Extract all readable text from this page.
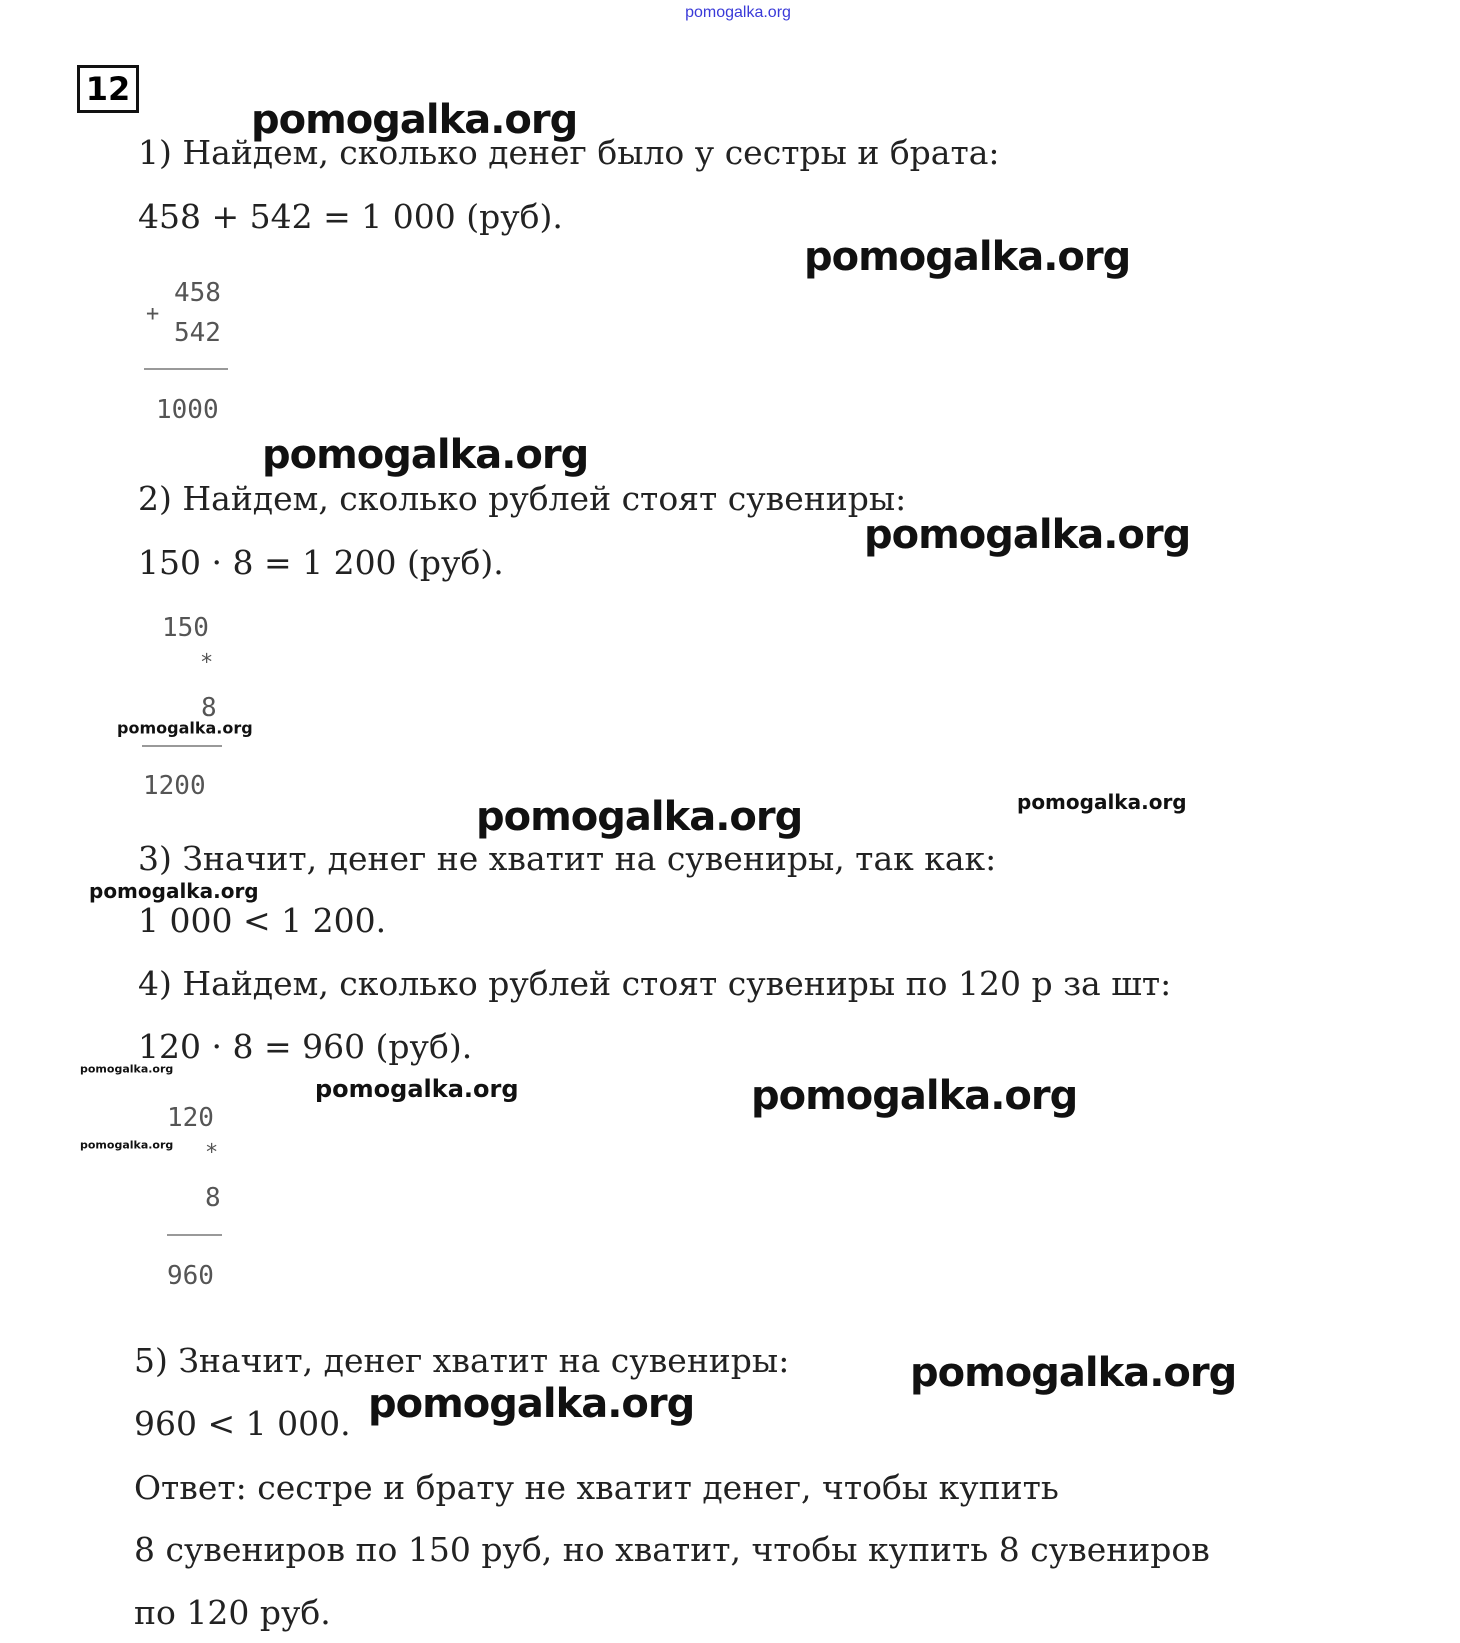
pomogalka.org
12
1) Найдем, сколько денег было у сестры и брата:
458 + 542 = 1 000 (руб).
2) Найдем, сколько рублей стоят сувениры:
150 · 8 = 1 200 (руб).
3) Значит, денег не хватит на сувениры, так как:
1 000 < 1 200.
4) Найдем, сколько рублей стоят сувениры по 120 р за шт:
120 · 8 = 960 (руб).
5) Значит, денег хватит на сувениры:
960 < 1 000.
Ответ: сестре и брату не хватит денег, чтобы купить
8 сувениров по 150 руб, но хватит, чтобы купить 8 сувениров
по 120 руб.
458
+
542
1000
150
*
8
1200
120
*
8
960
pomogalka.org
pomogalka.org
pomogalka.org
pomogalka.org
pomogalka.org
pomogalka.org
pomogalka.org
pomogalka.org
pomogalka.org
pomogalka.org
pomogalka.org
pomogalka.org
pomogalka.org
pomogalka.org
